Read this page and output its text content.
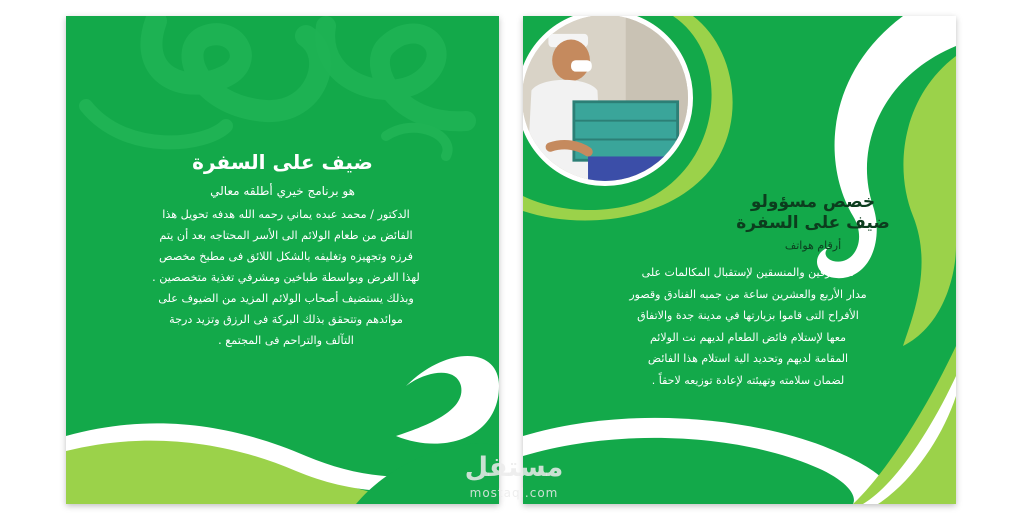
ضيف على السفرة
هو برنامج خيري أطلقه معالي
الدكتور / محمد عبده يماني رحمه الله هدفه تحويل هذا
الفائض من طعام الولائم الى الأسر المحتاجه بعد أن يتم
فرزه وتجهيزه وتغليفه بالشكل اللائق فى مطبخ مخصص
لهذا الغرض وبواسطة طباخين ومشرفي تغذية متخصصين .
وبذلك يستضيف أصحاب الولائم المزيد من الضيوف على
موائدهم وتتحقق بذلك البركة فى الرزق وتزيد درجة
التآلف والتراحم فى المجتمع .
خصص مسؤولو
ضيف على السفرة
أرقام هواتف
للمشرفين والمنسقين لإستقبال المكالمات على
مدار الأربع والعشرين ساعة من جميه الفنادق وقصور
الأفراح التى قاموا بزيارتها في مدينة جدة والاتفاق
معها لإستلام فائض الطعام لديهم نت الولائم
المقامة لديهم وتحديد الية استلام هذا الفائض
لضمان سلامته وتهيئته لإعادة توزيعه لاحقاً .
مستقل
mostaql.com
